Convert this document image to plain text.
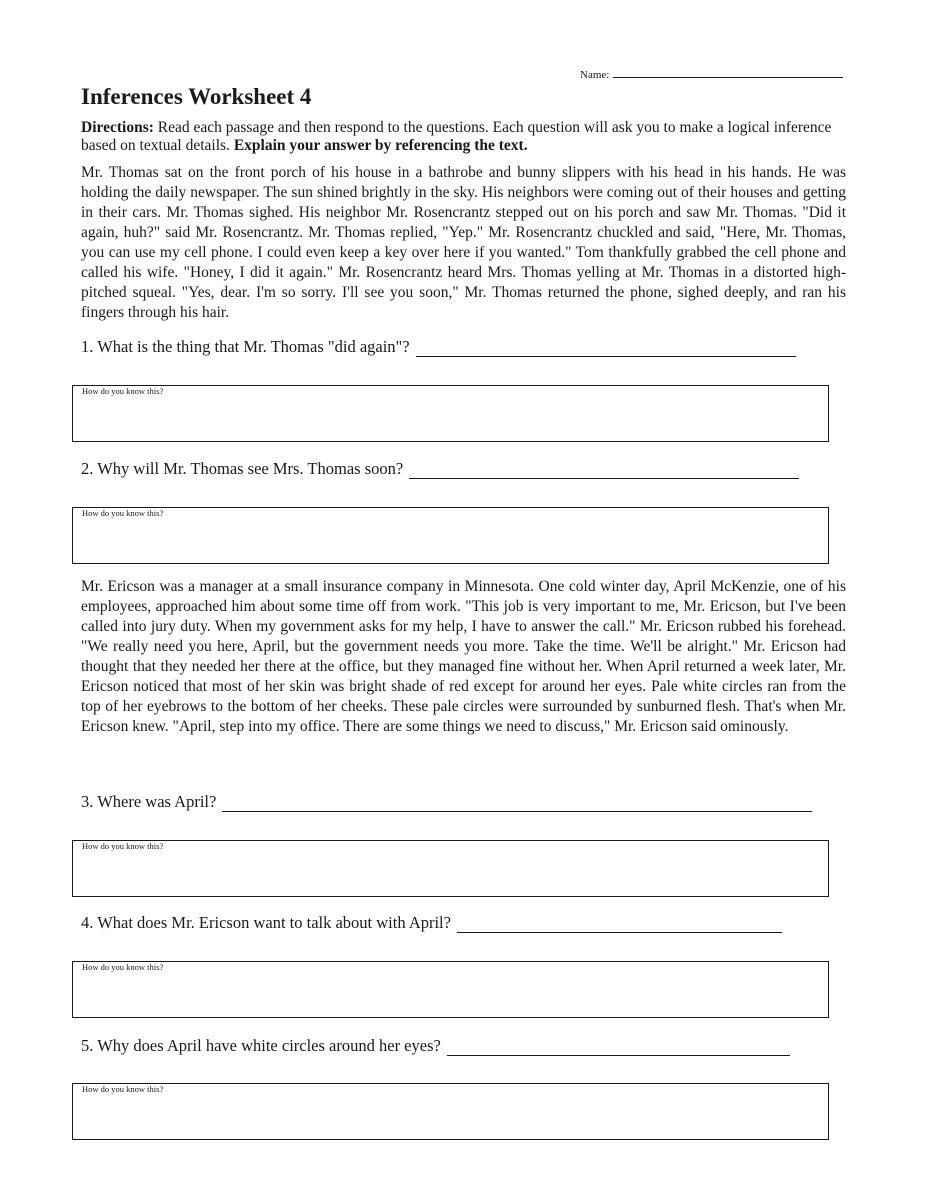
Name:
Inferences Worksheet 4
Directions: Read each passage and then respond to the questions. Each question will ask you to make a logical inference based on textual details. Explain your answer by referencing the text.
Mr. Thomas sat on the front porch of his house in a bathrobe and bunny slippers with his head in his hands. He was holding the daily newspaper. The sun shined brightly in the sky. His neighbors were coming out of their houses and getting in their cars. Mr. Thomas sighed. His neighbor Mr. Rosencrantz stepped out on his porch and saw Mr. Thomas. "Did it again, huh?" said Mr. Rosencrantz. Mr. Thomas replied, "Yep." Mr. Rosencrantz chuckled and said, "Here, Mr. Thomas, you can use my cell phone. I could even keep a key over here if you wanted." Tom thankfully grabbed the cell phone and called his wife. "Honey, I did it again." Mr. Rosencrantz heard Mrs. Thomas yelling at Mr. Thomas in a distorted high-pitched squeal. "Yes, dear. I'm so sorry. I'll see you soon," Mr. Thomas returned the phone, sighed deeply, and ran his fingers through his hair.
1. What is the thing that Mr. Thomas "did again"?
How do you know this?
2. Why will Mr. Thomas see Mrs. Thomas soon?
How do you know this?
Mr. Ericson was a manager at a small insurance company in Minnesota. One cold winter day, April McKenzie, one of his employees, approached him about some time off from work. "This job is very important to me, Mr. Ericson, but I've been called into jury duty. When my government asks for my help, I have to answer the call." Mr. Ericson rubbed his forehead. "We really need you here, April, but the government needs you more. Take the time. We'll be alright." Mr. Ericson had thought that they needed her there at the office, but they managed fine without her. When April returned a week later, Mr. Ericson noticed that most of her skin was bright shade of red except for around her eyes. Pale white circles ran from the top of her eyebrows to the bottom of her cheeks. These pale circles were surrounded by sunburned flesh. That's when Mr. Ericson knew. "April, step into my office. There are some things we need to discuss," Mr. Ericson said ominously.
3. Where was April?
How do you know this?
4. What does Mr. Ericson want to talk about with April?
How do you know this?
5. Why does April have white circles around her eyes?
How do you know this?
